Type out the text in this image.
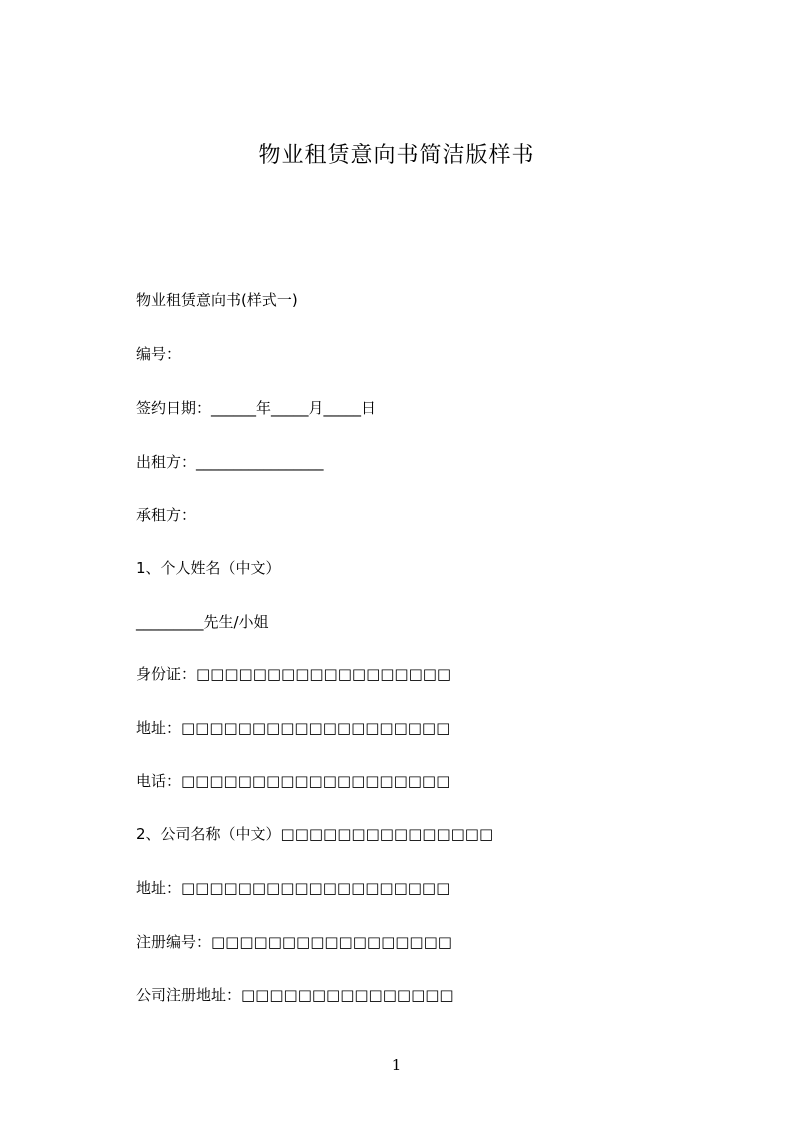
物业租赁意向书简洁版样书
物业租赁意向书(样式一)
编号：
签约日期：______年_____月_____日
出租方：_________________
承租方：
1、个人姓名（中文）
_________先生/小姐
身份证：□□□□□□□□□□□□□□□□□□
地址：□□□□□□□□□□□□□□□□□□□
电话：□□□□□□□□□□□□□□□□□□□
2、公司名称（中文）□□□□□□□□□□□□□□□
地址：□□□□□□□□□□□□□□□□□□□
注册编号：□□□□□□□□□□□□□□□□□
公司注册地址：□□□□□□□□□□□□□□□
1
